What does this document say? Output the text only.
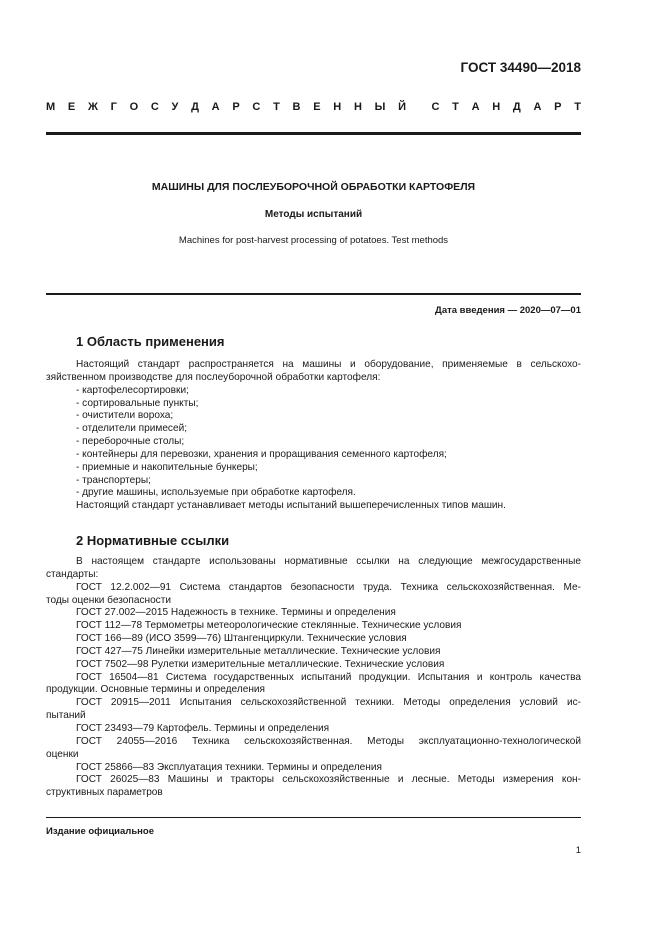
ГОСТ 34490—2018
М Е Ж Г О С У Д А Р С Т В Е Н Н Ы Й С Т А Н Д А Р Т
МАШИНЫ ДЛЯ ПОСЛЕУБОРОЧНОЙ ОБРАБОТКИ КАРТОФЕЛЯ
Методы испытаний
Machines for post-harvest processing of potatoes. Test methods
Дата введения — 2020—07—01
1 Область применения
Настоящий стандарт распространяется на машины и оборудование, применяемые в сельскохо-
зяйственном производстве для послеуборочной обработки картофеля:
- картофелесортировки;
- сортировальные пункты;
- очистители вороха;
- отделители примесей;
- переборочные столы;
- контейнеры для перевозки, хранения и проращивания семенного картофеля;
- приемные и накопительные бункеры;
- транспортеры;
- другие машины, используемые при обработке картофеля.
Настоящий стандарт устанавливает методы испытаний вышеперечисленных типов машин.
2 Нормативные ссылки
В настоящем стандарте использованы нормативные ссылки на следующие межгосударственные
стандарты:
ГОСТ 12.2.002—91 Система стандартов безопасности труда. Техника сельскохозяйственная. Ме-
тоды оценки безопасности
ГОСТ 27.002—2015 Надежность в технике. Термины и определения
ГОСТ 112—78 Термометры метеорологические стеклянные. Технические условия
ГОСТ 166—89 (ИСО 3599—76) Штангенциркули. Технические условия
ГОСТ 427—75 Линейки измерительные металлические. Технические условия
ГОСТ 7502—98 Рулетки измерительные металлические. Технические условия
ГОСТ 16504—81 Система государственных испытаний продукции. Испытания и контроль качества
продукции. Основные термины и определения
ГОСТ 20915—2011 Испытания сельскохозяйственной техники. Методы определения условий ис-
пытаний
ГОСТ 23493—79 Картофель. Термины и определения
ГОСТ 24055—2016 Техника сельскохозяйственная. Методы эксплуатационно-технологической
оценки
ГОСТ 25866—83 Эксплуатация техники. Термины и определения
ГОСТ 26025—83 Машины и тракторы сельскохозяйственные и лесные. Методы измерения кон-
структивных параметров
Издание официальное
1
